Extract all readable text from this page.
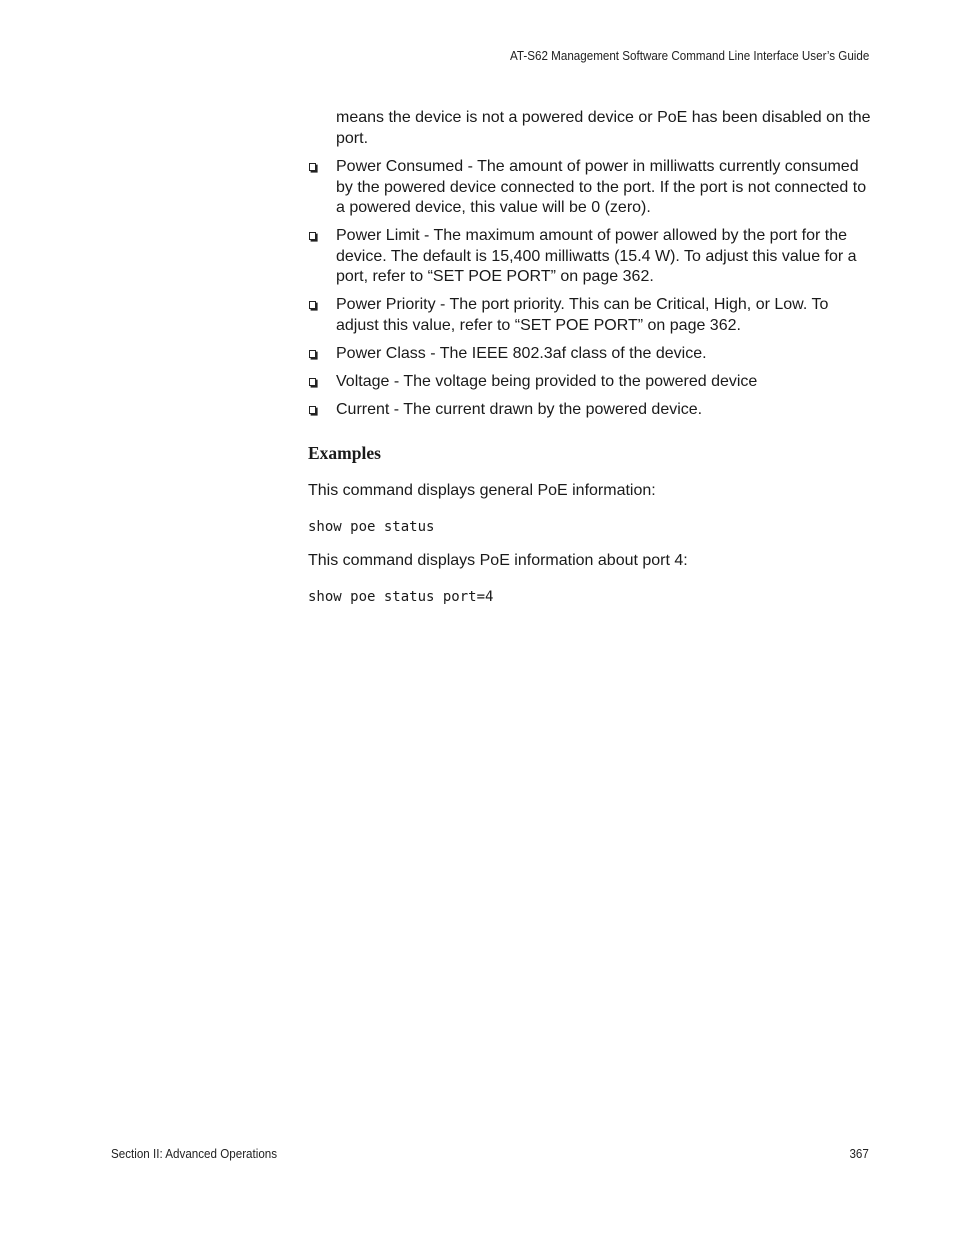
AT-S62 Management Software Command Line Interface User’s Guide

means the device is not a powered device or PoE has been disabled on the port.

Power Consumed - The amount of power in milliwatts currently consumed by the powered device connected to the port. If the port is not connected to a powered device, this value will be 0 (zero).
Power Limit - The maximum amount of power allowed by the port for the device. The default is 15,400 milliwatts (15.4 W). To adjust this value for a port, refer to “SET POE PORT” on page 362.
Power Priority - The port priority. This can be Critical, High, or Low. To adjust this value, refer to “SET POE PORT” on page 362.
Power Class - The IEEE 802.3af class of the device.
Voltage - The voltage being provided to the powered device
Current - The current drawn by the powered device.
Examples

This command displays general PoE information:

show poe status

This command displays PoE information about port 4:

show poe status port=4
Section II: Advanced Operations	367
